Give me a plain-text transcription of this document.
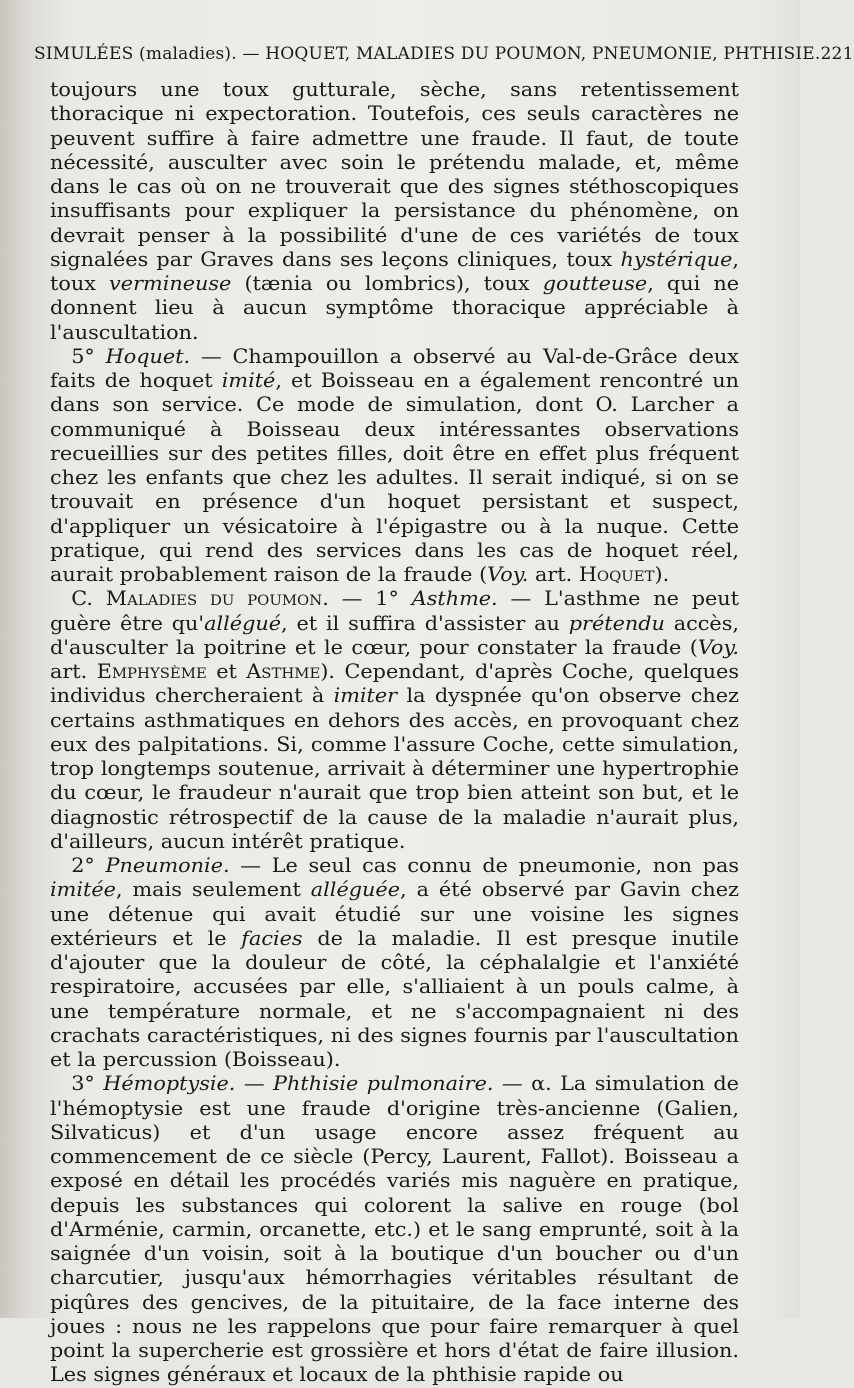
SIMULÉES (maladies). — HOQUET, MALADIES DU POUMON, PNEUMONIE, PHTHISIE. 221

toujours une toux gutturale, sèche, sans retentissement thoracique ni expectoration. Toutefois, ces seuls caractères ne peuvent suffire à faire admettre une fraude. Il faut, de toute nécessité, ausculter avec soin le prétendu malade, et, même dans le cas où on ne trouverait que des signes stéthoscopiques insuffisants pour expliquer la persistance du phénomène, on devrait penser à la possibilité d'une de ces variétés de toux signalées par Graves dans ses leçons cliniques, toux hystérique, toux vermineuse (tænia ou lombrics), toux goutteuse, qui ne donnent lieu à aucun symptôme thoracique appréciable à l'auscultation.

5° Hoquet. — Champouillon a observé au Val-de-Grâce deux faits de hoquet imité, et Boisseau en a également rencontré un dans son service. Ce mode de simulation, dont O. Larcher a communiqué à Boisseau deux intéressantes observations recueillies sur des petites filles, doit être en effet plus fréquent chez les enfants que chez les adultes. Il serait indiqué, si on se trouvait en présence d'un hoquet persistant et suspect, d'appliquer un vésicatoire à l'épigastre ou à la nuque. Cette pratique, qui rend des services dans les cas de hoquet réel, aurait probablement raison de la fraude (Voy. art. Hoquet).

C. Maladies du poumon. — 1° Asthme. — L'asthme ne peut guère être qu'allégué, et il suffira d'assister au prétendu accès, d'ausculter la poitrine et le cœur, pour constater la fraude (Voy. art. Emphysème et Asthme). Cependant, d'après Coche, quelques individus chercheraient à imiter la dyspnée qu'on observe chez certains asthmatiques en dehors des accès, en provoquant chez eux des palpitations. Si, comme l'assure Coche, cette simulation, trop longtemps soutenue, arrivait à déterminer une hypertrophie du cœur, le fraudeur n'aurait que trop bien atteint son but, et le diagnostic rétrospectif de la cause de la maladie n'aurait plus, d'ailleurs, aucun intérêt pratique.

2° Pneumonie. — Le seul cas connu de pneumonie, non pas imitée, mais seulement alléguée, a été observé par Gavin chez une détenue qui avait étudié sur une voisine les signes extérieurs et le facies de la maladie. Il est presque inutile d'ajouter que la douleur de côté, la céphalalgie et l'anxiété respiratoire, accusées par elle, s'alliaient à un pouls calme, à une température normale, et ne s'accompagnaient ni des crachats caractéristiques, ni des signes fournis par l'auscultation et la percussion (Boisseau).

3° Hémoptysie. — Phthisie pulmonaire. — α. La simulation de l'hémoptysie est une fraude d'origine très-ancienne (Galien, Silvaticus) et d'un usage encore assez fréquent au commencement de ce siècle (Percy, Laurent, Fallot). Boisseau a exposé en détail les procédés variés mis naguère en pratique, depuis les substances qui colorent la salive en rouge (bol d'Arménie, carmin, orcanette, etc.) et le sang emprunté, soit à la saignée d'un voisin, soit à la boutique d'un boucher ou d'un charcutier, jusqu'aux hémorrhagies véritables résultant de piqûres des gencives, de la pituitaire, de la face interne des joues : nous ne les rappelons que pour faire remarquer à quel point la supercherie est grossière et hors d'état de faire illusion. Les signes généraux et locaux de la phthisie rapide ou
